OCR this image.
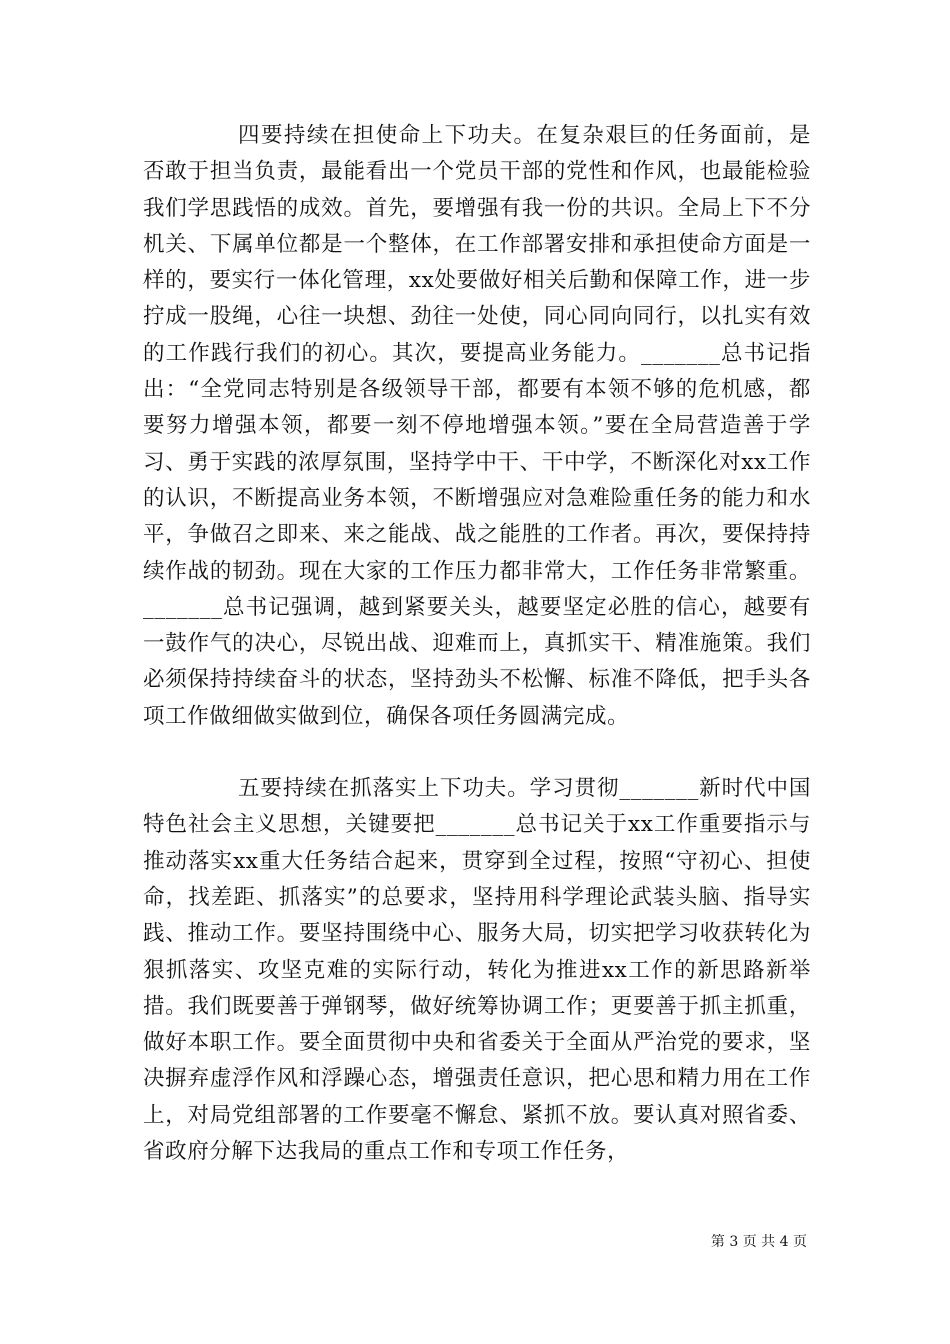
四要持续在担使命上下功夫。在复杂艰巨的任务面前，是否敢于担当负责，最能看出一个党员干部的党性和作风，也最能检验我们学思践悟的成效。首先，要增强有我一份的共识。全局上下不分机关、下属单位都是一个整体，在工作部署安排和承担使命方面是一样的，要实行一体化管理，xx处要做好相关后勤和保障工作，进一步拧成一股绳，心往一块想、劲往一处使，同心同向同行，以扎实有效的工作践行我们的初心。其次，要提高业务能力。_______总书记指出：“全党同志特别是各级领导干部，都要有本领不够的危机感，都要努力增强本领，都要一刻不停地增强本领。”要在全局营造善于学习、勇于实践的浓厚氛围，坚持学中干、干中学，不断深化对xx工作的认识，不断提高业务本领，不断增强应对急难险重任务的能力和水平，争做召之即来、来之能战、战之能胜的工作者。再次，要保持持续作战的韧劲。现在大家的工作压力都非常大，工作任务非常繁重。_______总书记强调，越到紧要关头，越要坚定必胜的信心，越要有一鼓作气的决心，尽锐出战、迎难而上，真抓实干、精准施策。我们必须保持持续奋斗的状态，坚持劲头不松懈、标准不降低，把手头各项工作做细做实做到位，确保各项任务圆满完成。

五要持续在抓落实上下功夫。学习贯彻_______新时代中国特色社会主义思想，关键要把_______总书记关于xx工作重要指示与推动落实xx重大任务结合起来，贯穿到全过程，按照“守初心、担使命，找差距、抓落实”的总要求，坚持用科学理论武装头脑、指导实践、推动工作。要坚持围绕中心、服务大局，切实把学习收获转化为狠抓落实、攻坚克难的实际行动，转化为推进xx工作的新思路新举措。我们既要善于弹钢琴，做好统筹协调工作；更要善于抓主抓重，做好本职工作。要全面贯彻中央和省委关于全面从严治党的要求，坚决摒弃虚浮作风和浮躁心态，增强责任意识，把心思和精力用在工作上，对局党组部署的工作要毫不懈怠、紧抓不放。要认真对照省委、省政府分解下达我局的重点工作和专项工作任务，

第 3 页 共 4 页
